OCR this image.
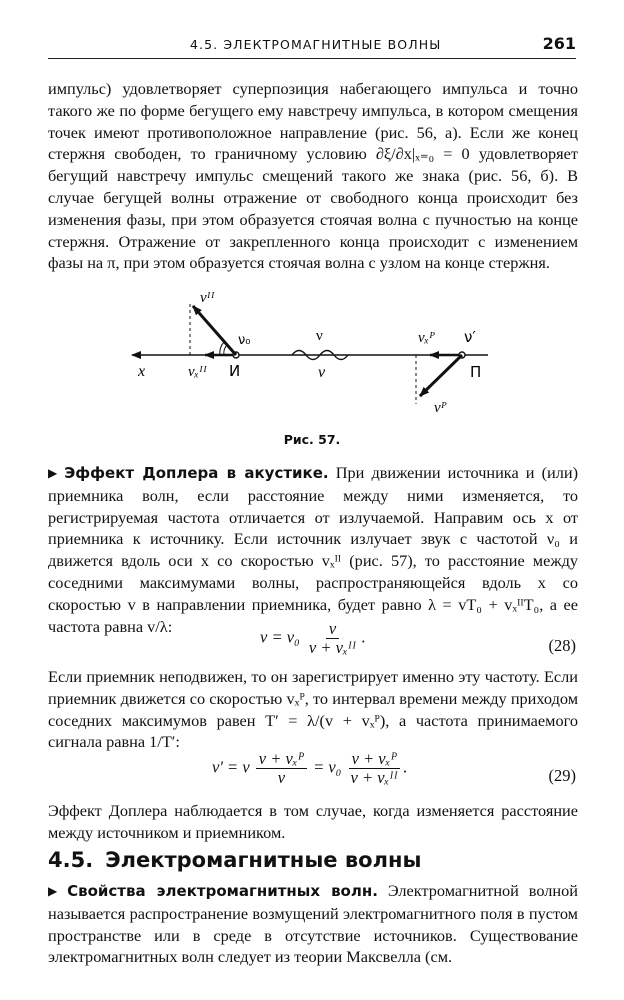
4.5. ЭЛЕКТРОМАГНИТНЫЕ ВОЛНЫ	261
импульс) удовлетворяет суперпозиция набегающего импульса и точно такого же по форме бегущего ему навстречу импульса, в котором смещения точек имеют противоположное направление (рис. 56, а). Если же конец стержня свободен, то граничному условию ∂ξ/∂x|ₓ₌₀ = 0 удовлетворяет бегущий навстречу импульс смещений такого же знака (рис. 56, б). В случае бегущей волны отражение от свободного конца происходит без изменения фазы, при этом образуется стоячая волна с пучностью на конце стержня. Отражение от закрепленного конца происходит с изменением фазы на π, при этом образуется стоячая волна с узлом на конце стержня.
x	vₓᴵᴵ И
ν₀	ν
v
vᴵᴵ
vₓᴾ ν′
П
vᴾ
Рис. 57.
▶ Эффект Доплера в акустике. При движении источника и (или) приемника волн, если расстояние между ними изменяется, то регистрируемая частота отличается от излучаемой. Направим ось x от приемника к источнику. Если источник излучает звук с частотой ν₀ и движется вдоль оси x со скоростью vₓᴵᴵ (рис. 57), то расстояние между соседними максимумами волны, распространяющейся вдоль x со скоростью v в направлении приемника, будет равно λ = vT₀ + vₓᴵᴵT₀, а ее частота равна v/λ:
$\nu = \nu_0 \frac{v}{\text{v + vₓᴵᴵ}}$ .	(28)
Если приемник неподвижен, то он зарегистрирует именно эту частоту. Если приемник движется со скоростью vₓᴾ, то интервал времени между приходом соседних максимумов равен T′ = λ/(v + vₓᴾ), а частота принимаемого сигнала равна 1/T′:
ν′ = ν $\frac{\text{v + vₓᴾ}}{v} = \nu_0 \frac{\text{v + vₓᴾ}}{\text{v + vₓᴵᴵ}}$ .	(29)
Эффект Доплера наблюдается в том случае, когда изменяется расстояние между источником и приемником.
4.5. Электромагнитные волны
▶ Свойства электромагнитных волн. Электромагнитной волной называется распространение возмущений электромагнитного поля в пустом пространстве или в среде в отсутствие источников. Существование электромагнитных волн следует из теории Максвелла (см.
